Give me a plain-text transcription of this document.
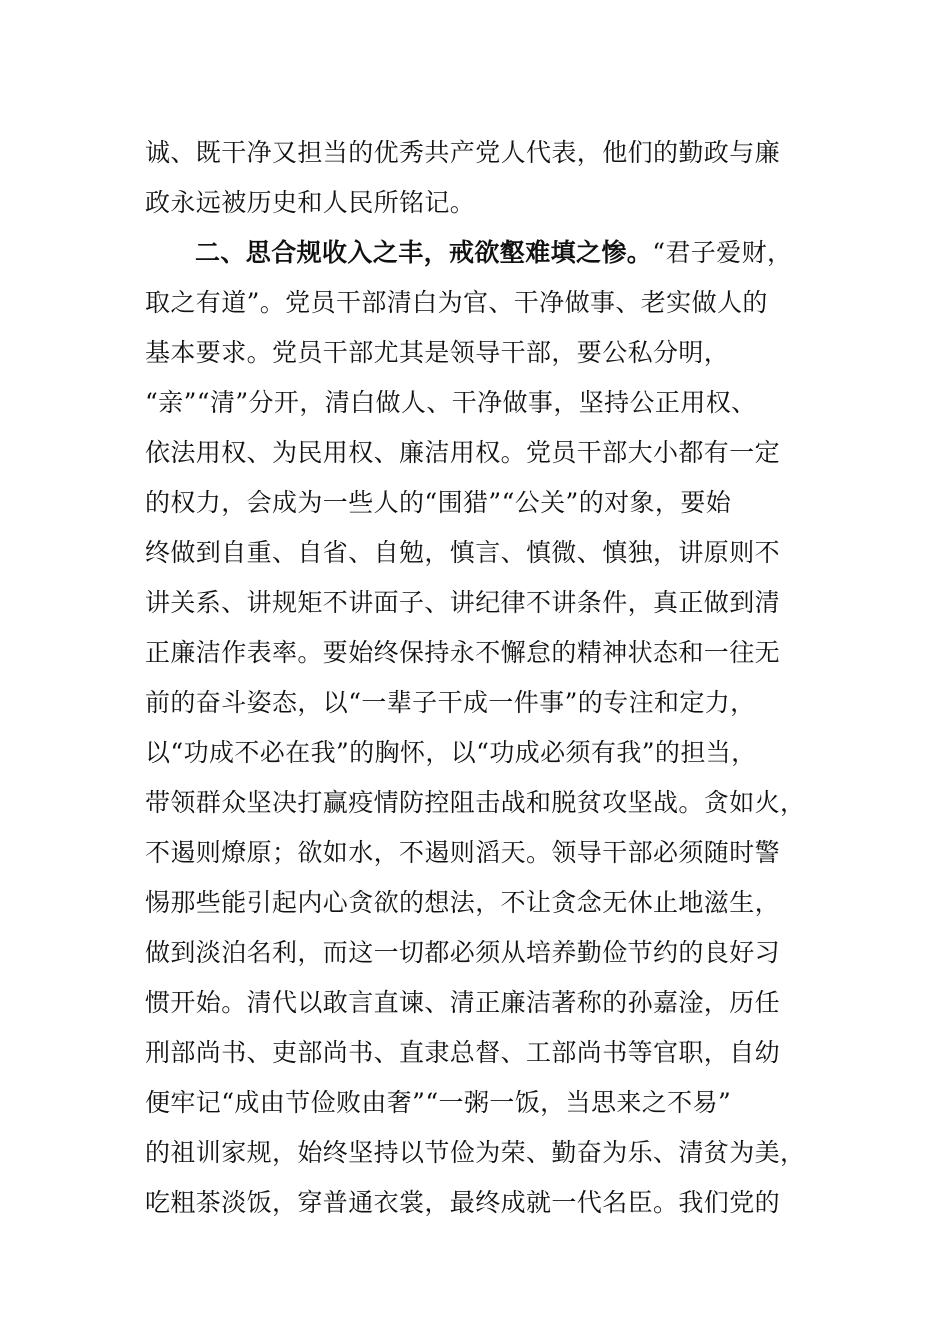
诚、既干净又担当的优秀共产党人代表，他们的勤政与廉
政永远被历史和人民所铭记。
二、思合规收入之丰，戒欲壑难填之惨。“君子爱财，
取之有道”。党员干部清白为官、干净做事、老实做人的
基本要求。党员干部尤其是领导干部，要公私分明，
“亲”“清”分开，清白做人、干净做事，坚持公正用权、
依法用权、为民用权、廉洁用权。党员干部大小都有一定
的权力，会成为一些人的“围猎”“公关”的对象，要始
终做到自重、自省、自勉，慎言、慎微、慎独，讲原则不
讲关系、讲规矩不讲面子、讲纪律不讲条件，真正做到清
正廉洁作表率。要始终保持永不懈怠的精神状态和一往无
前的奋斗姿态，以“一辈子干成一件事”的专注和定力，
以“功成不必在我”的胸怀，以“功成必须有我”的担当，
带领群众坚决打赢疫情防控阻击战和脱贫攻坚战。贪如火，
不遏则燎原；欲如水，不遏则滔天。领导干部必须随时警
惕那些能引起内心贪欲的想法，不让贪念无休止地滋生，
做到淡泊名利，而这一切都必须从培养勤俭节约的良好习
惯开始。清代以敢言直谏、清正廉洁著称的孙嘉淦，历任
刑部尚书、吏部尚书、直隶总督、工部尚书等官职，自幼
便牢记“成由节俭败由奢”“一粥一饭，当思来之不易”
的祖训家规，始终坚持以节俭为荣、勤奋为乐、清贫为美，
吃粗茶淡饭，穿普通衣裳，最终成就一代名臣。我们党的
